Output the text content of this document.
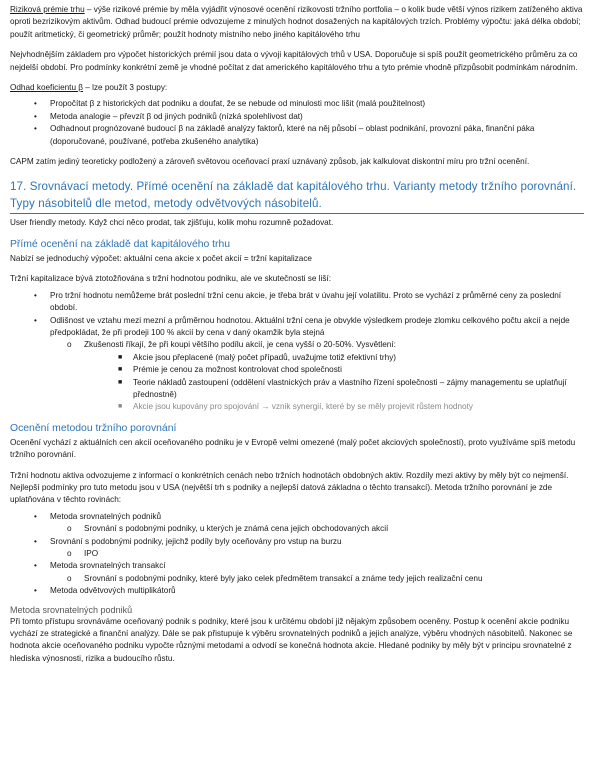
Riziková prémie trhu – výše rizikové prémie by měla vyjádřit výnosové ocenění rizikovosti tržního portfolia – o kolik bude větší výnos rizikem zatíženého aktiva oproti bezrizikovým aktivům. Odhad budoucí prémie odvozujeme z minulých hodnot dosažených na kapitálových trzích. Problémy výpočtu: jaká délka období; použít aritmetický, či geometrický průměr; použít hodnoty místního nebo jiného kapitálového trhu

Nejvhodnějším základem pro výpočet historických prémií jsou data o vývoji kapitálových trhů v USA. Doporučuje si spíš použít geometrického průměru za co nejdelší období. Pro podmínky konkrétní země je vhodné počítat z dat amerického kapitálového trhu a tyto prémie vhodně přizpůsobit podmínkám národním.

Odhad koeficientu β – lze použít 3 postupy:

• Propočítat β z historických dat podniku a doufat, že se nebude od minulosti moc lišit (malá použitelnost)
• Metoda analogie – převzít β od jiných podniků (nízká spolehlivost dat)
• Odhadnout prognózované budoucí β na základě analýzy faktorů, které na něj působí – oblast podnikání, provozní páka, finanční páka (doporučované, používané, potřeba zkušeného analytika)

CAPM zatím jediný teoreticky podložený a zároveň světovou oceňovací praxí uznávaný způsob, jak kalkulovat diskontní míru pro tržní ocenění.

17. Srovnávací metody. Přímé ocenění na základě dat kapitálového trhu. Varianty metody tržního porovnání. Typy násobitelů dle metod, metody odvětvových násobitelů.

User friendly metody. Když chci něco prodat, tak zjišťuju, kolik mohu rozumně požadovat.

Přímé ocenění na základě dat kapitálového trhu

Nabízí se jednoduchý výpočet: aktuální cena akcie x počet akcií = tržní kapitalizace

Tržní kapitalizace bývá ztotožňována s tržní hodnotou podniku, ale ve skutečnosti se liší:

• Pro tržní hodnotu nemůžeme brát poslední tržní cenu akcie, je třeba brát v úvahu její volatilitu. Proto se vychází z průměrné ceny za poslední období.
• Odlišnost ve vztahu mezi mezní a průměrnou hodnotou. Aktuální tržní cena je obvykle výsledkem prodeje zlomku celkového počtu akcií a nejde předpokládat, že při prodeji 100 % akcií by cena v daný okamžik byla stejná
o Zkušenosti říkají, že při koupi většího podílu akcií, je cena vyšší o 20-50%. Vysvětlení:
■ Akcie jsou přeplacené (malý počet případů, uvažujme totiž efektivní trhy)
■ Prémie je cenou za možnost kontrolovat chod společnosti
■ Teorie nákladů zastoupení (oddělení vlastnických práv a vlastního řízení společnosti – zájmy managementu se uplatňují přednostně)
■ Akcie jsou kupovány pro spojování → vznik synergií, které by se měly projevit růstem hodnoty
Ocenění metodou tržního porovnání

Ocenění vychází z aktuálních cen akcií oceňovaného podniku je v Evropě velmi omezené (malý počet akciových společností), proto využíváme spíš metodu tržního porovnání.

Tržní hodnotu aktiva odvozujeme z informací o konkrétních cenách nebo tržních hodnotách obdobných aktiv. Rozdíly mezi aktivy by měly být co nejmenší. Nejlepší podmínky pro tuto metodu jsou v USA (největší trh s podniky a nejlepší datová základna o těchto transakcí). Metoda tržního porovnání je zde uplatňována v těchto rovinách:

• Metoda srovnatelných podniků
o Srovnání s podobnými podniky, u kterých je známá cena jejich obchodovaných akcií
• Srovnání s podobnými podniky, jejichž podíly byly oceňovány pro vstup na burzu
o IPO
• Metoda srovnatelných transakcí
o Srovnání s podobnými podniky, které byly jako celek předmětem transakcí a známe tedy jejich realizační cenu
• Metoda odvětvových multiplikátorů
Metoda srovnatelných podniků

Při tomto přístupu srovnáváme oceňovaný podnik s podniky, které jsou k určitému období již nějakým způsobem oceněny. Postup k ocenění akcie podniku vychází ze strategické a finanční analýzy. Dále se pak přistupuje k výběru srovnatelných podniků a jejich analýze, výběru vhodných násobitelů. Nakonec se hodnota akcie oceňovaného podniku vypočte různými metodami a odvodí se konečná hodnota akcie. Hledané podniky by měly být v principu srovnatelné z hlediska výnosnosti, rizika a budoucího růstu.
